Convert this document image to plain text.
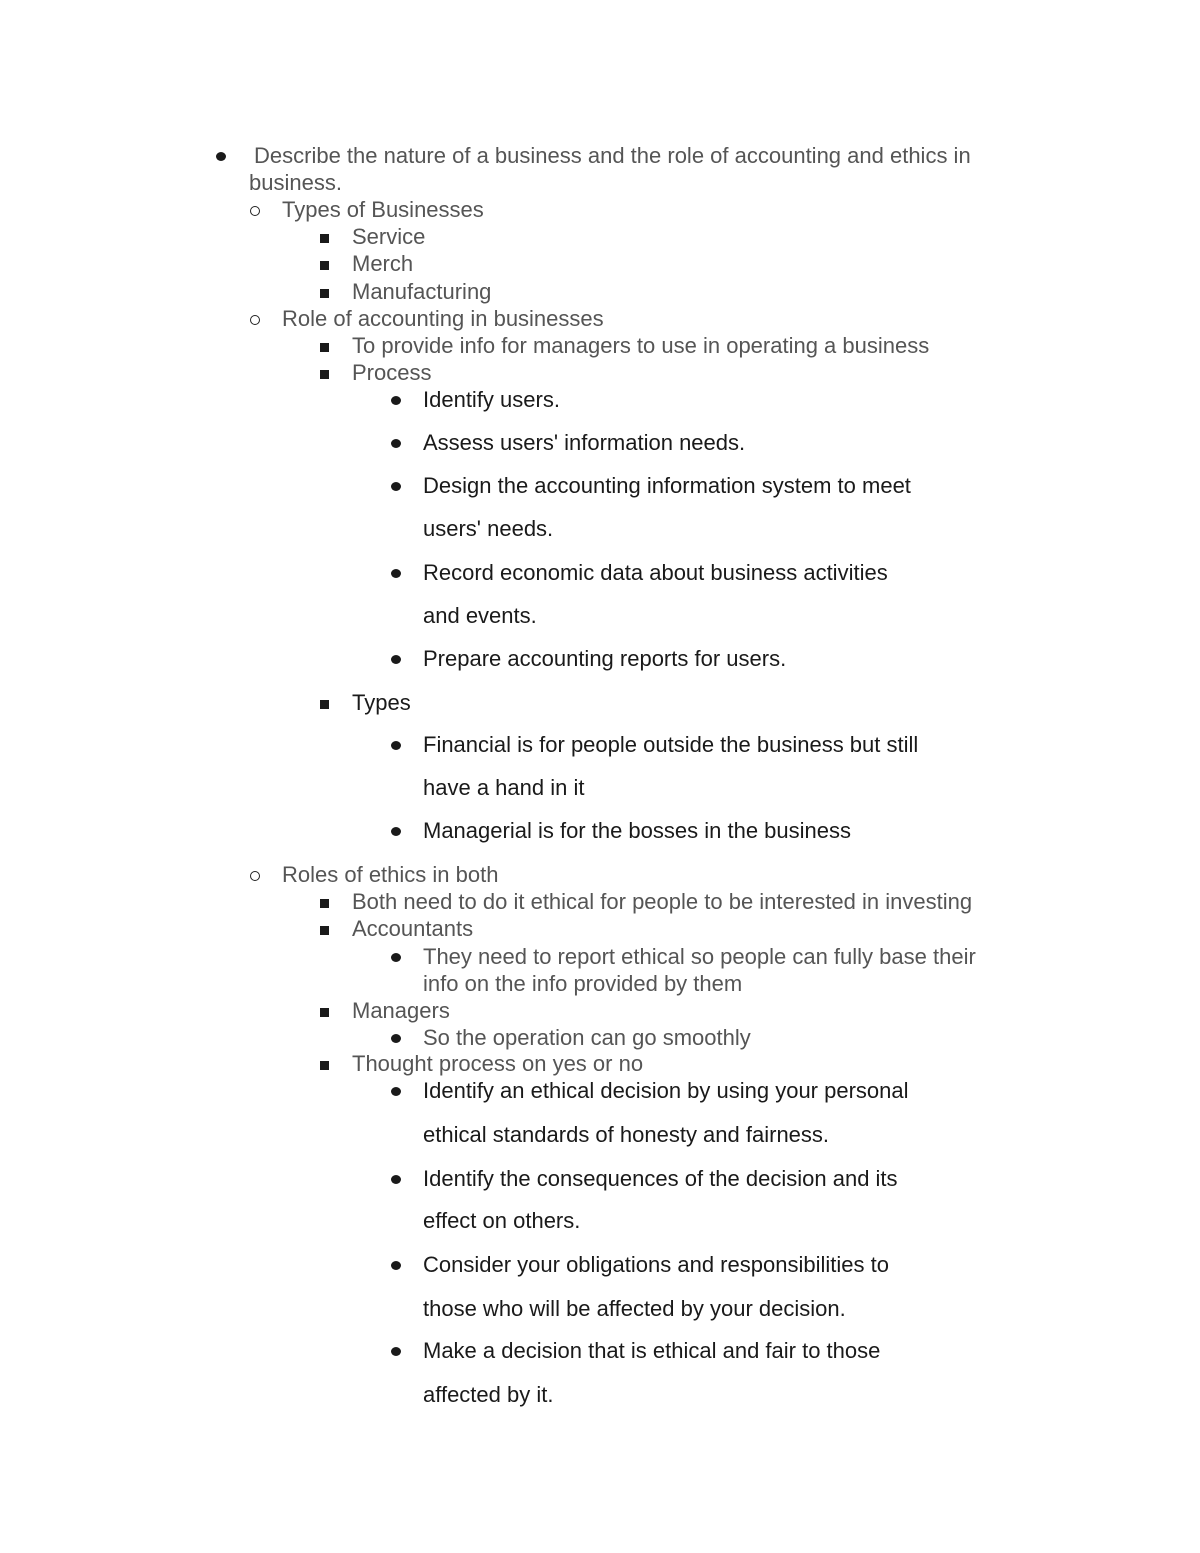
Describe the nature of a business and the role of accounting and ethics in
business.
Types of Businesses
Service
Merch
Manufacturing
Role of accounting in businesses
To provide info for managers to use in operating a business
Process
Identify users.
Assess users' information needs.
Design the accounting information system to meet
users' needs.
Record economic data about business activities
and events.
Prepare accounting reports for users.
Types
Financial is for people outside the business but still
have a hand in it
Managerial is for the bosses in the business
Roles of ethics in both
Both need to do it ethical for people to be interested in investing
Accountants
They need to report ethical so people can fully base their
info on the info provided by them
Managers
So the operation can go smoothly
Thought process on yes or no
Identify an ethical decision by using your personal
ethical standards of honesty and fairness.
Identify the consequences of the decision and its
effect on others.
Consider your obligations and responsibilities to
those who will be affected by your decision.
Make a decision that is ethical and fair to those
affected by it.
